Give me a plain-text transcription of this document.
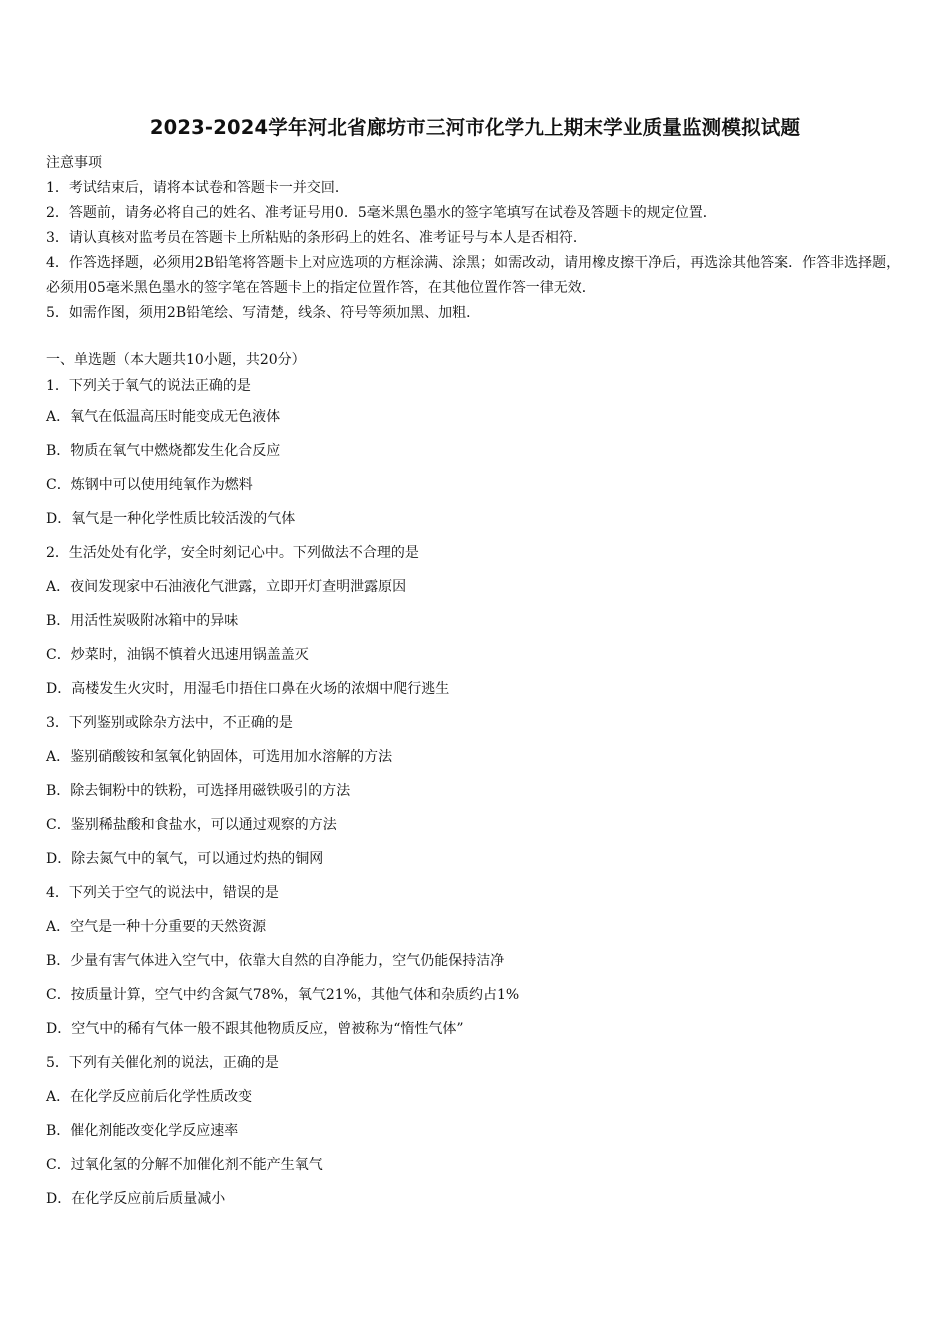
2023-2024学年河北省廊坊市三河市化学九上期末学业质量监测模拟试题
注意事项
1．考试结束后，请将本试卷和答题卡一并交回．
2．答题前，请务必将自己的姓名、准考证号用0．5毫米黑色墨水的签字笔填写在试卷及答题卡的规定位置．
3．请认真核对监考员在答题卡上所粘贴的条形码上的姓名、准考证号与本人是否相符．
4．作答选择题，必须用2B铅笔将答题卡上对应选项的方框涂满、涂黑；如需改动，请用橡皮擦干净后，再选涂其他答案．作答非选择题，必须用05毫米黑色墨水的签字笔在答题卡上的指定位置作答，在其他位置作答一律无效．
5．如需作图，须用2B铅笔绘、写清楚，线条、符号等须加黑、加粗．
一、单选题（本大题共10小题，共20分）
1．下列关于氧气的说法正确的是
A．氧气在低温高压时能变成无色液体
B．物质在氧气中燃烧都发生化合反应
C．炼钢中可以使用纯氧作为燃料
D．氧气是一种化学性质比较活泼的气体
2．生活处处有化学，安全时刻记心中。下列做法不合理的是
A．夜间发现家中石油液化气泄露，立即开灯查明泄露原因
B．用活性炭吸附冰箱中的异味
C．炒菜时，油锅不慎着火迅速用锅盖盖灭
D．高楼发生火灾时，用湿毛巾捂住口鼻在火场的浓烟中爬行逃生
3．下列鉴别或除杂方法中，不正确的是
A．鉴别硝酸铵和氢氧化钠固体，可选用加水溶解的方法
B．除去铜粉中的铁粉，可选择用磁铁吸引的方法
C．鉴别稀盐酸和食盐水，可以通过观察的方法
D．除去氮气中的氧气，可以通过灼热的铜网
4．下列关于空气的说法中，错误的是
A．空气是一种十分重要的天然资源
B．少量有害气体进入空气中，依靠大自然的自净能力，空气仍能保持洁净
C．按质量计算，空气中约含氮气78%，氧气21%，其他气体和杂质约占1%
D．空气中的稀有气体一般不跟其他物质反应，曾被称为“惰性气体”
5．下列有关催化剂的说法，正确的是
A．在化学反应前后化学性质改变
B．催化剂能改变化学反应速率
C．过氧化氢的分解不加催化剂不能产生氧气
D．在化学反应前后质量减小
